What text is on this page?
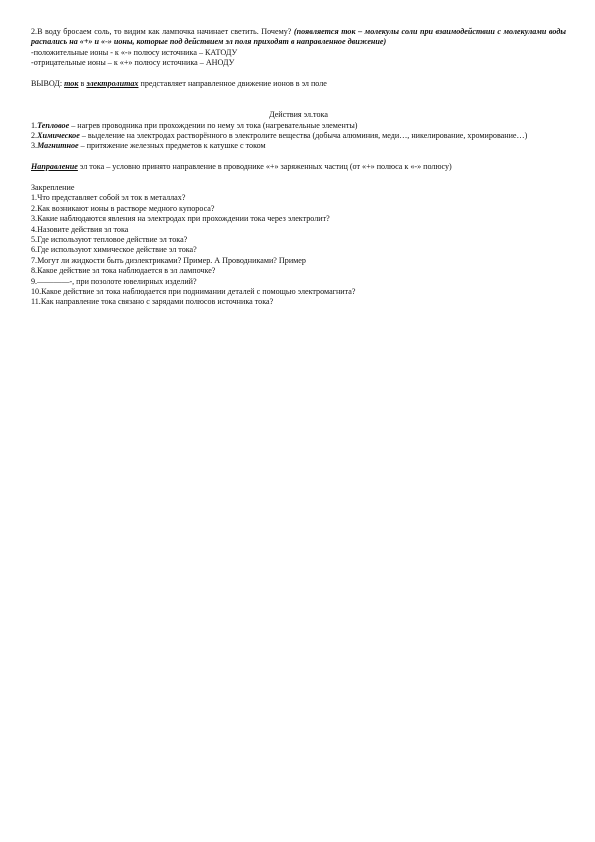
2.В воду бросаем соль, то видим как лампочка начинает светить. Почему? (появляется ток – молекулы соли при взаимодействии с молекулами воды распались на «+» и «-» ионы, которые под действием эл поля приходят в направленное движение)

-положительные ионы - к «-» полюсу источника – КАТОДУ

-отрицательные ионы – к «+» полюсу источника – АНОДУ

ВЫВОД: ток в электролитах представляет направленное движение ионов в эл поле

Действия эл.тока

1.Тепловое – нагрев проводника при прохождении по нему эл тока (нагревательные элементы)

2.Химическое – выделение на электродах растворённого в электролите вещества (добыча алюминия, меди…, никелирование, хромирование…)

3.Магнитное – притяжение железных предметов к катушке с током

Направление эл тока – условно принято направление в проводнике «+» заряженных частиц (от «+» полюса к «-» полюсу)

Закрепление

1.Что представляет собой эл ток в металлах?
2.Как возникают ионы в растворе медного купороса?
3.Какие наблюдаются явления на электродах при прохождении тока через электролит?
4.Назовите действия эл тока
5.Где используют тепловое действие эл тока?
6.Где используют химическое действие эл тока?
7.Могут ли жидкости быть диэлектриками? Пример. А Проводниками? Пример
8.Какое действие эл тока наблюдается в эл лампочке?
9.————-, при позолоте ювелирных изделий?
10.Какое действие эл тока наблюдается при поднимании деталей с помощью электромагнита?
11.Как направление тока связано с зарядами полюсов источника тока?
